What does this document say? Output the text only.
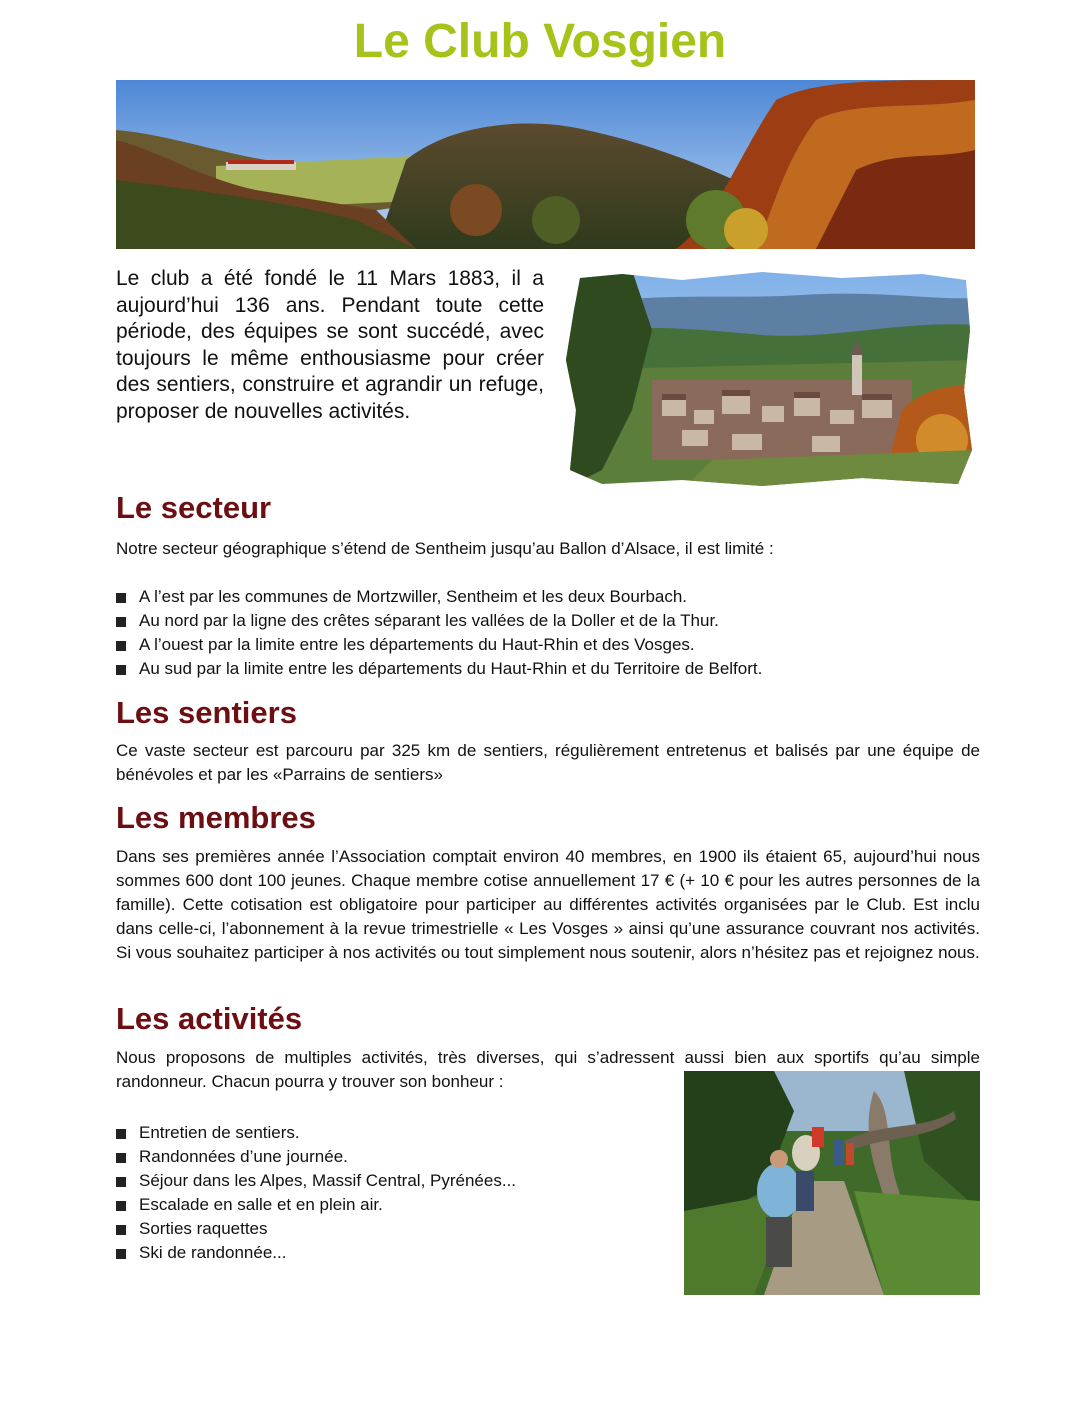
Le Club Vosgien
Le club a été fondé le 11 Mars 1883, il a aujourd’hui 136 ans. Pendant toute cette période, des équipes se sont succédé, avec toujours le même enthousiasme pour créer des sentiers, construire et agrandir un refuge, proposer de nouvelles activités.
Le secteur
Notre secteur géographique s’étend de Sentheim jusqu’au Ballon d’Alsace, il est limité :
A l’est par les communes de Mortzwiller, Sentheim et les deux Bourbach.
Au nord par la ligne des crêtes séparant les vallées de la Doller et de la Thur.
A l’ouest par la limite entre les départements du Haut-Rhin et des Vosges.
Au sud par la limite entre les départements du Haut-Rhin et du Territoire de Belfort.
Les sentiers
Ce vaste secteur est parcouru par 325 km de sentiers, régulièrement entretenus et balisés par une équipe de bénévoles et par les «Parrains de sentiers»
Les membres
Dans ses premières année l’Association comptait environ 40 membres, en 1900 ils étaient 65, aujourd’hui nous sommes 600 dont 100 jeunes. Chaque membre cotise annuellement 17 € (+ 10 € pour les autres personnes de la famille). Cette cotisation est obligatoire pour participer au différentes activités organisées par le Club. Est inclu dans celle-ci, l’abonnement à la revue trimestrielle « Les Vosges » ainsi qu’une assurance couvrant nos activités. Si vous souhaitez participer à nos activités ou tout simplement nous soutenir, alors n’hésitez pas et rejoignez nous.
Les activités
Nous proposons de multiples activités, très diverses, qui s’adressent aussi bien aux sportifs qu’au simple randonneur. Chacun pourra y trouver son bonheur :
Entretien de sentiers.
Randonnées d’une journée.
Séjour dans les Alpes, Massif Central, Pyrénées...
Escalade en salle et en plein air.
Sorties raquettes
Ski de randonnée...
